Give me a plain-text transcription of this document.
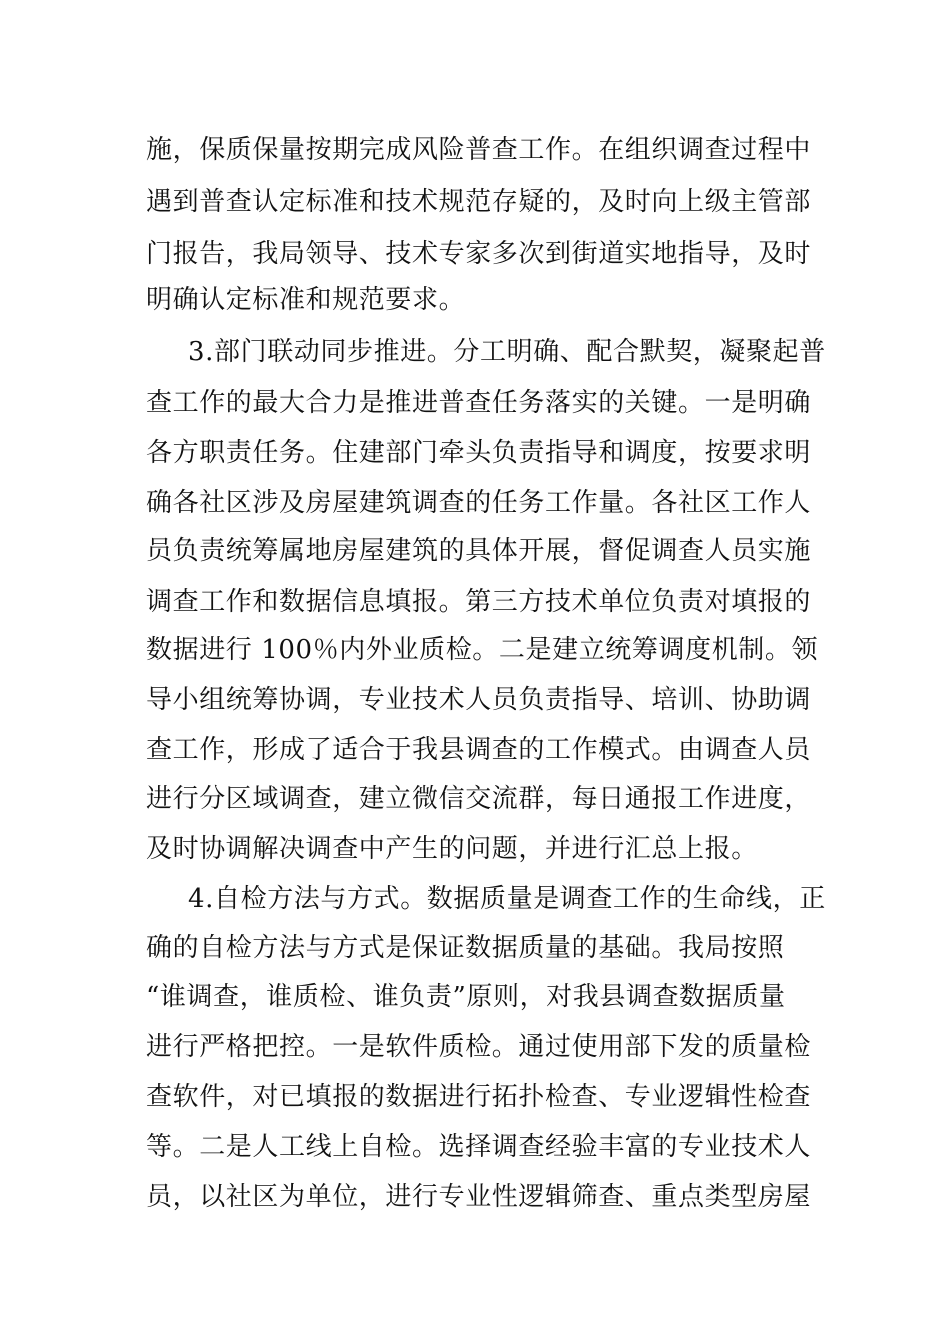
施，保质保量按期完成风险普查工作。在组织调查过程中
遇到普查认定标准和技术规范存疑的，及时向上级主管部
门报告，我局领导、技术专家多次到街道实地指导，及时
明确认定标准和规范要求。
3.部门联动同步推进。分工明确、配合默契，凝聚起普
查工作的最大合力是推进普查任务落实的关键。一是明确
各方职责任务。住建部门牵头负责指导和调度，按要求明
确各社区涉及房屋建筑调查的任务工作量。各社区工作人
员负责统筹属地房屋建筑的具体开展，督促调查人员实施
调查工作和数据信息填报。第三方技术单位负责对填报的
数据进行 100％内外业质检。二是建立统筹调度机制。领
导小组统筹协调，专业技术人员负责指导、培训、协助调
查工作，形成了适合于我县调查的工作模式。由调查人员
进行分区域调查，建立微信交流群，每日通报工作进度，
及时协调解决调查中产生的问题，并进行汇总上报。
4.自检方法与方式。数据质量是调查工作的生命线，正
确的自检方法与方式是保证数据质量的基础。我局按照
“谁调查，谁质检、谁负责”原则，对我县调查数据质量
进行严格把控。一是软件质检。通过使用部下发的质量检
查软件，对已填报的数据进行拓扑检查、专业逻辑性检查
等。二是人工线上自检。选择调查经验丰富的专业技术人
员，以社区为单位，进行专业性逻辑筛查、重点类型房屋
